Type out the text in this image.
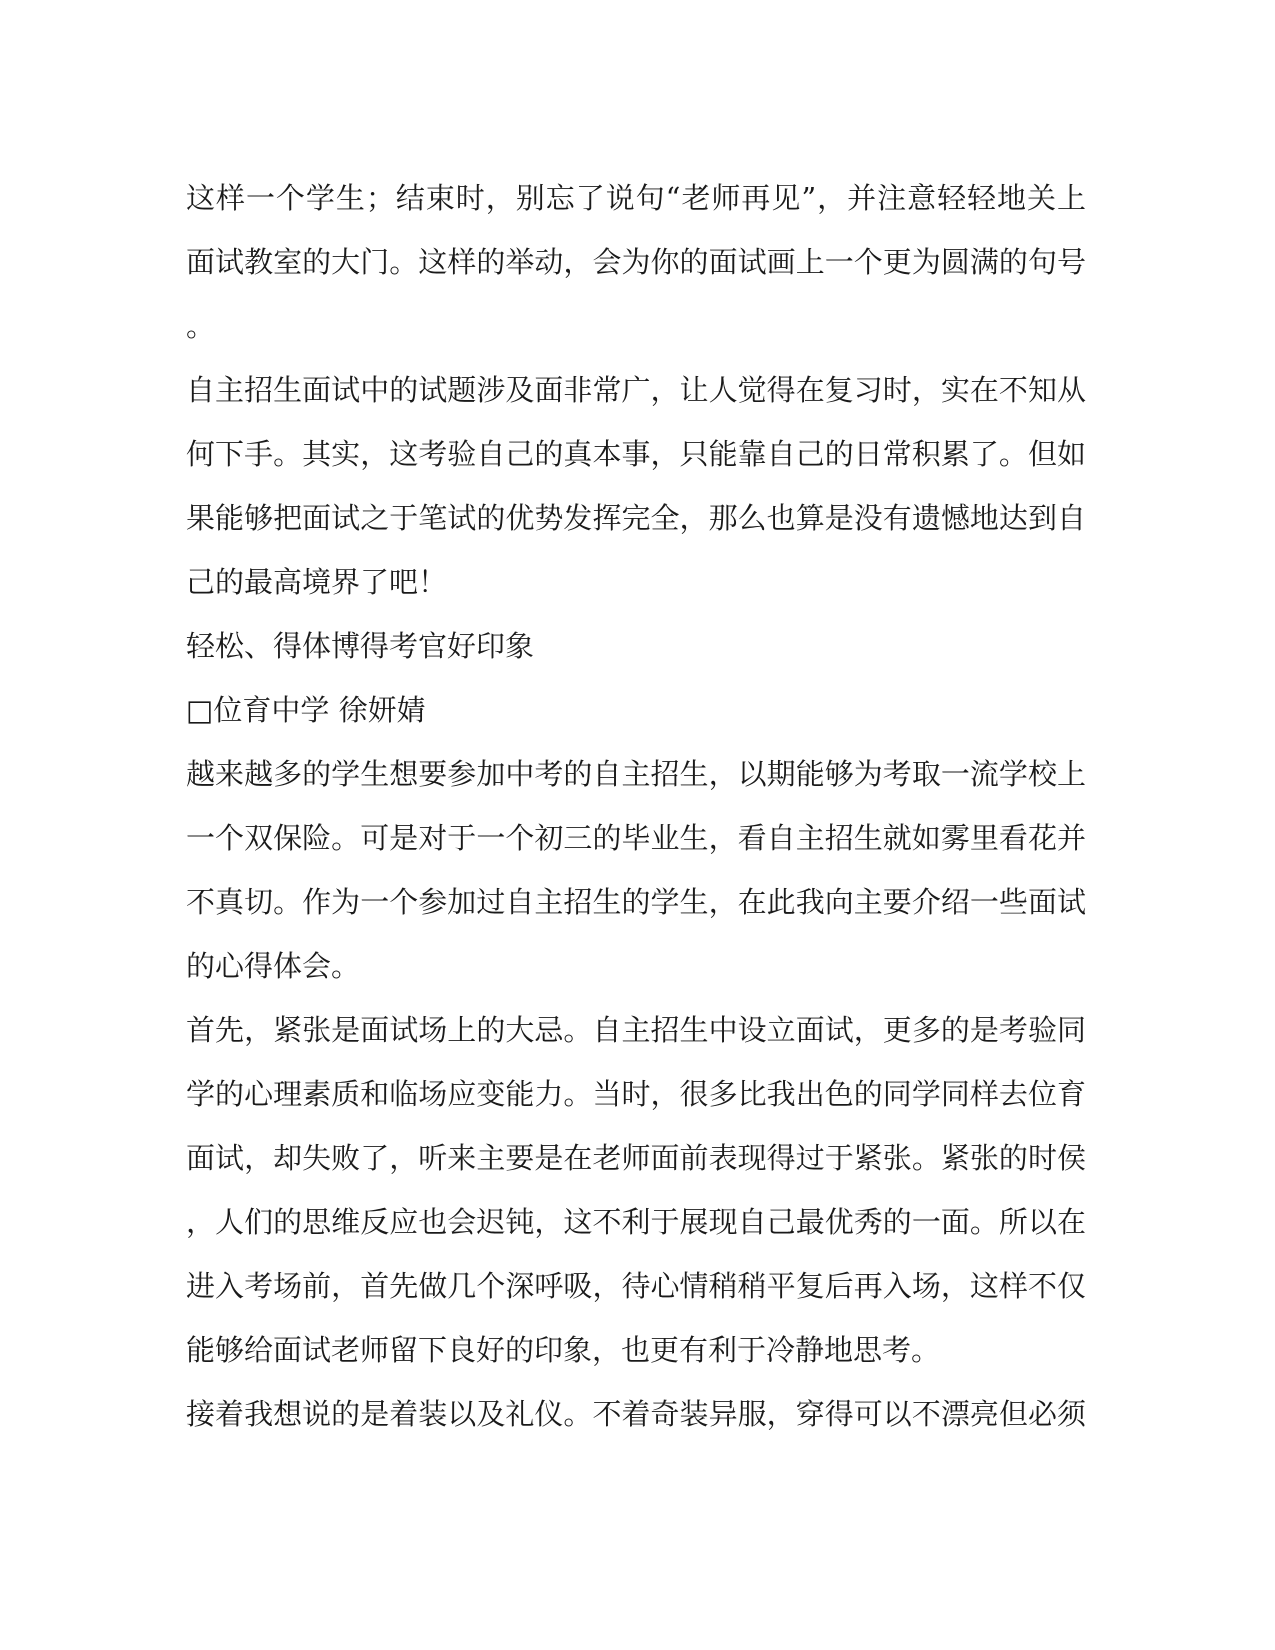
这样一个学生；结束时，别忘了说句“老师再见”，并注意轻轻地关上
面试教室的大门。这样的举动，会为你的面试画上一个更为圆满的句号
。
自主招生面试中的试题涉及面非常广，让人觉得在复习时，实在不知从
何下手。其实，这考验自己的真本事，只能靠自己的日常积累了。但如
果能够把面试之于笔试的优势发挥完全，那么也算是没有遗憾地达到自
己的最高境界了吧！
轻松、得体博得考官好印象
□位育中学 徐妍婧
越来越多的学生想要参加中考的自主招生，以期能够为考取一流学校上
一个双保险。可是对于一个初三的毕业生，看自主招生就如雾里看花并
不真切。作为一个参加过自主招生的学生，在此我向主要介绍一些面试
的心得体会。
首先，紧张是面试场上的大忌。自主招生中设立面试，更多的是考验同
学的心理素质和临场应变能力。当时，很多比我出色的同学同样去位育
面试，却失败了，听来主要是在老师面前表现得过于紧张。紧张的时侯
，人们的思维反应也会迟钝，这不利于展现自己最优秀的一面。所以在
进入考场前，首先做几个深呼吸，待心情稍稍平复后再入场，这样不仅
能够给面试老师留下良好的印象，也更有利于冷静地思考。
接着我想说的是着装以及礼仪。不着奇装异服，穿得可以不漂亮但必须
